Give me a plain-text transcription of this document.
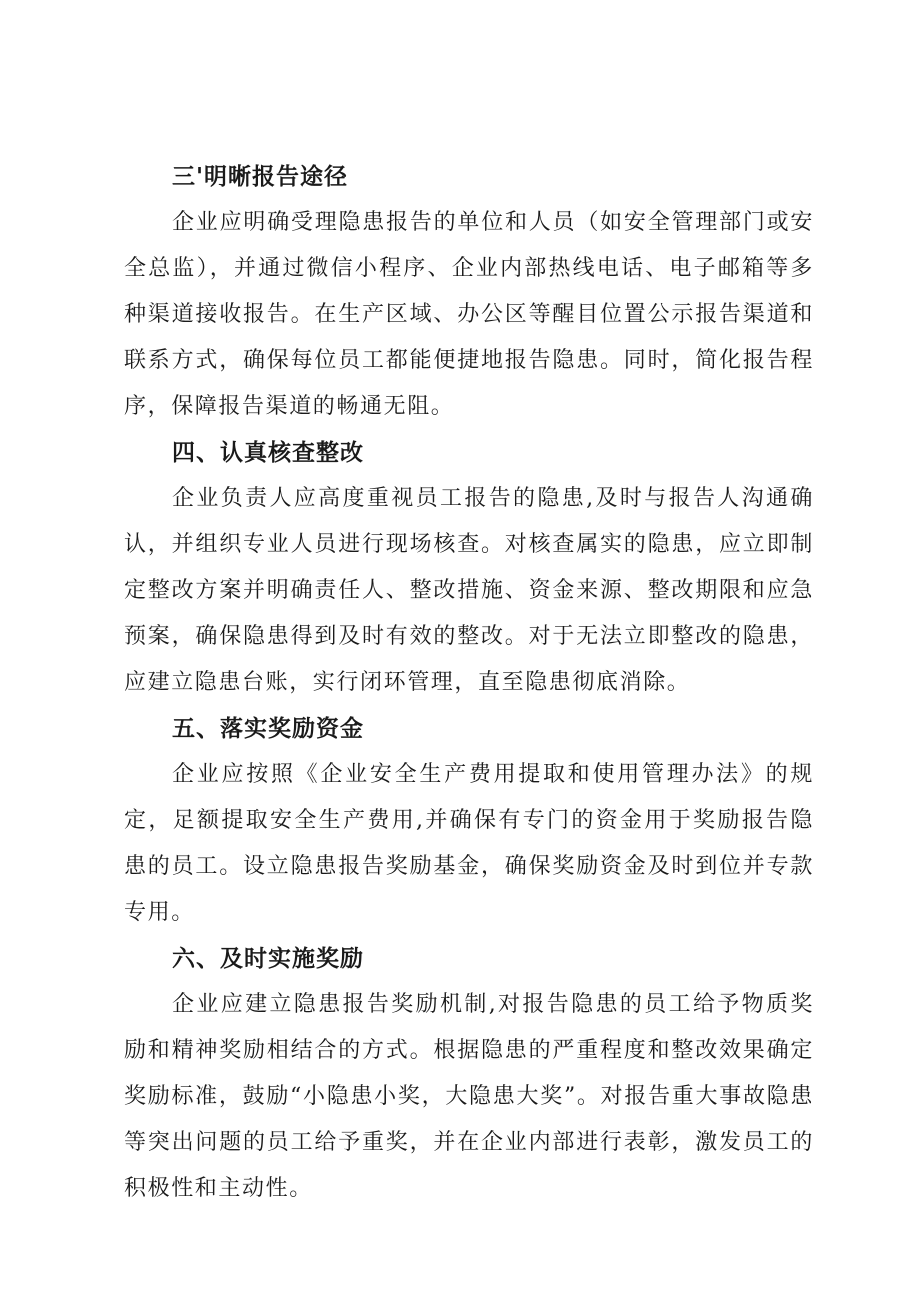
三'明晰报告途径

企业应明确受理隐患报告的单位和人员（如安全管理部门或安全总监），并通过微信小程序、企业内部热线电话、电子邮箱等多种渠道接收报告。在生产区域、办公区等醒目位置公示报告渠道和联系方式，确保每位员工都能便捷地报告隐患。同时，简化报告程序，保障报告渠道的畅通无阻。

四、认真核查整改

企业负责人应高度重视员工报告的隐患,及时与报告人沟通确认，并组织专业人员进行现场核查。对核查属实的隐患，应立即制定整改方案并明确责任人、整改措施、资金来源、整改期限和应急预案，确保隐患得到及时有效的整改。对于无法立即整改的隐患，应建立隐患台账，实行闭环管理，直至隐患彻底消除。

五、落实奖励资金

企业应按照《企业安全生产费用提取和使用管理办法》的规定，足额提取安全生产费用,并确保有专门的资金用于奖励报告隐患的员工。设立隐患报告奖励基金，确保奖励资金及时到位并专款专用。

六、及时实施奖励

企业应建立隐患报告奖励机制,对报告隐患的员工给予物质奖励和精神奖励相结合的方式。根据隐患的严重程度和整改效果确定奖励标准，鼓励“小隐患小奖，大隐患大奖”。对报告重大事故隐患等突出问题的员工给予重奖，并在企业内部进行表彰，激发员工的积极性和主动性。
